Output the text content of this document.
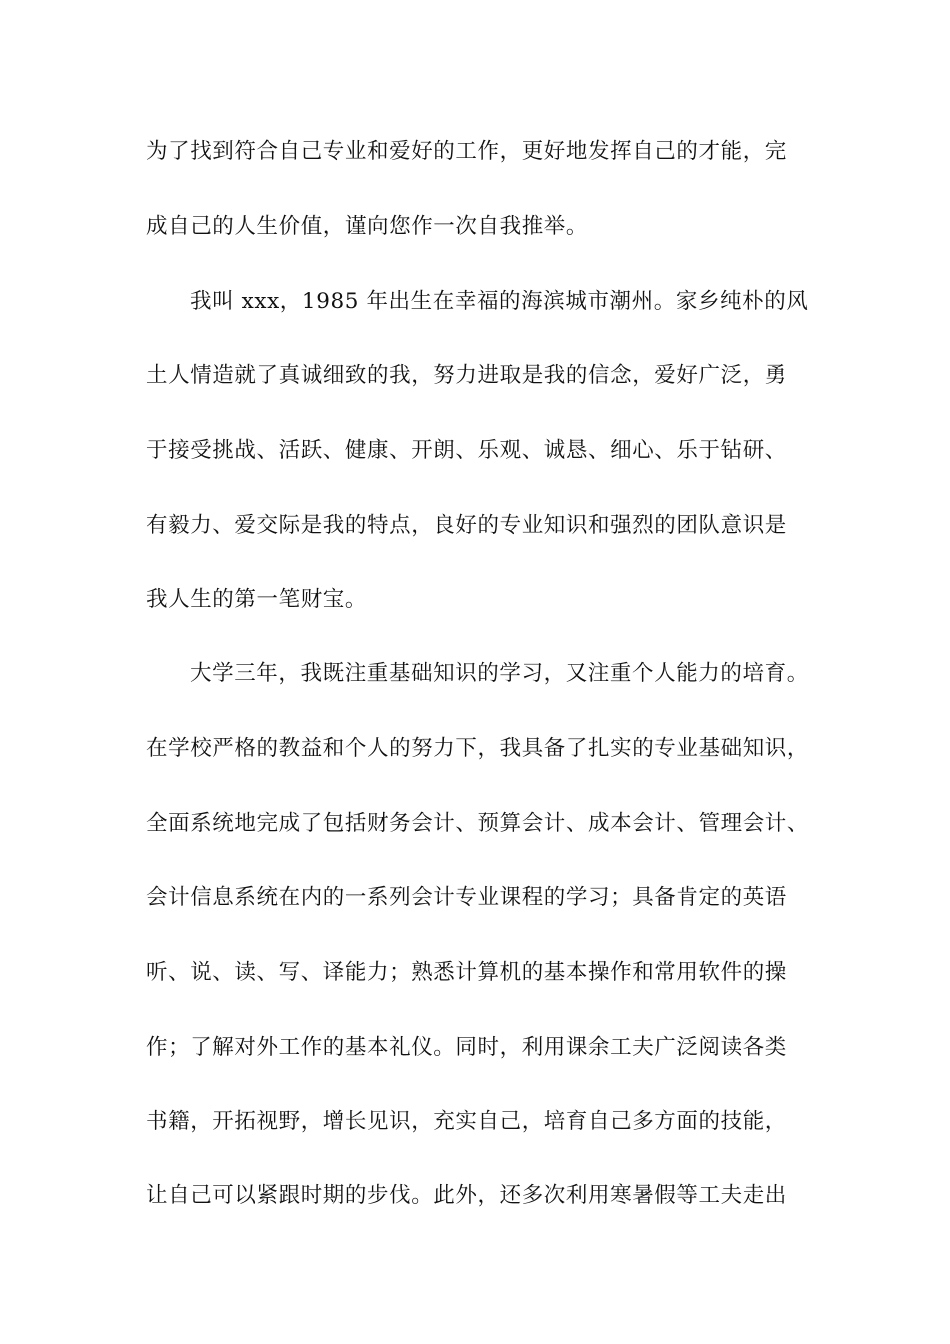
为了找到符合自己专业和爱好的工作，更好地发挥自己的才能，完
成自己的人生价值，谨向您作一次自我推举。
我叫 xxx，1985 年出生在幸福的海滨城市潮州。家乡纯朴的风
土人情造就了真诚细致的我，努力进取是我的信念，爱好广泛，勇
于接受挑战、活跃、健康、开朗、乐观、诚恳、细心、乐于钻研、
有毅力、爱交际是我的特点，良好的专业知识和强烈的团队意识是
我人生的第一笔财宝。
大学三年，我既注重基础知识的学习，又注重个人能力的培育。
在学校严格的教益和个人的努力下，我具备了扎实的专业基础知识，
全面系统地完成了包括财务会计、预算会计、成本会计、管理会计、
会计信息系统在内的一系列会计专业课程的学习；具备肯定的英语
听、说、读、写、译能力；熟悉计算机的基本操作和常用软件的操
作；了解对外工作的基本礼仪。同时，利用课余工夫广泛阅读各类
书籍，开拓视野，增长见识，充实自己，培育自己多方面的技能，
让自己可以紧跟时期的步伐。此外，还多次利用寒暑假等工夫走出
